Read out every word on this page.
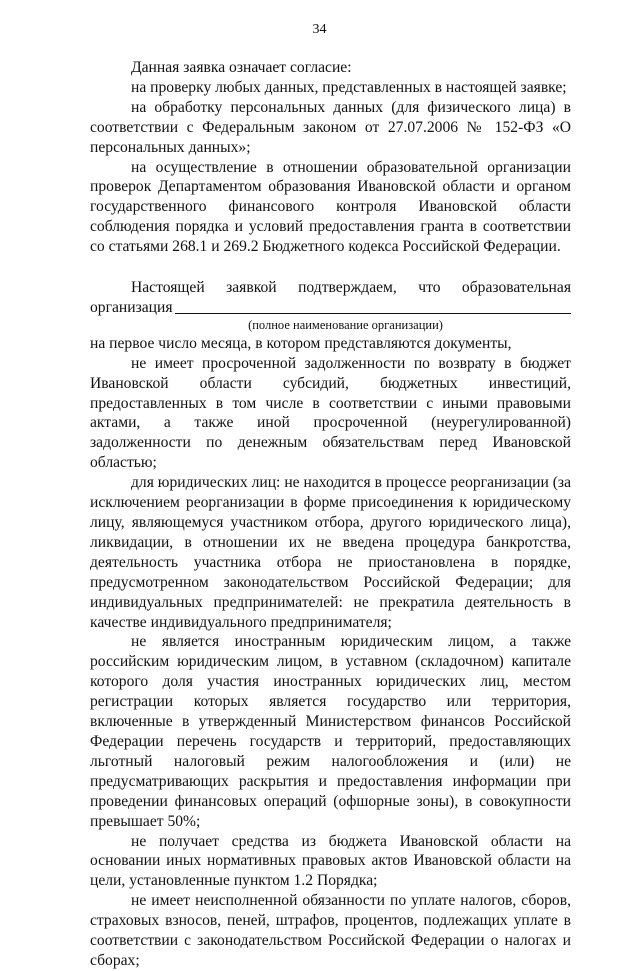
34

Данная заявка означает согласие:

на проверку любых данных, представленных в настоящей заявке;

на обработку персональных данных (для физического лица) в соответствии с Федеральным законом от 27.07.2006 № 152-ФЗ «О персональных данных»;

на осуществление в отношении образовательной организации проверок Департаментом образования Ивановской области и органом государственного финансового контроля Ивановской области соблюдения порядка и условий предоставления гранта в соответствии со статьями 268.1 и 269.2 Бюджетного кодекса Российской Федерации.

Настоящей заявкой подтверждаем, что образовательная

организация

(полное наименование организации)

на первое число месяца, в котором представляются документы,

не имеет просроченной задолженности по возврату в бюджет Ивановской области субсидий, бюджетных инвестиций, предоставленных в том числе в соответствии с иными правовыми актами, а также иной просроченной (неурегулированной) задолженности по денежным обязательствам перед Ивановской областью;

для юридических лиц: не находится в процессе реорганизации (за исключением реорганизации в форме присоединения к юридическому лицу, являющемуся участником отбора, другого юридического лица), ликвидации, в отношении их не введена процедура банкротства, деятельность участника отбора не приостановлена в порядке, предусмотренном законодательством Российской Федерации; для индивидуальных предпринимателей: не прекратила деятельность в качестве индивидуального предпринимателя;

не является иностранным юридическим лицом, а также российским юридическим лицом, в уставном (складочном) капитале которого доля участия иностранных юридических лиц, местом регистрации которых является государство или территория, включенные в утвержденный Министерством финансов Российской Федерации перечень государств и территорий, предоставляющих льготный налоговый режим налогообложения и (или) не предусматривающих раскрытия и предоставления информации при проведении финансовых операций (офшорные зоны), в совокупности превышает 50%;

не получает средства из бюджета Ивановской области на основании иных нормативных правовых актов Ивановской области на цели, установленные пунктом 1.2 Порядка;

не имеет неисполненной обязанности по уплате налогов, сборов, страховых взносов, пеней, штрафов, процентов, подлежащих уплате в соответствии с законодательством Российской Федерации о налогах и сборах;
